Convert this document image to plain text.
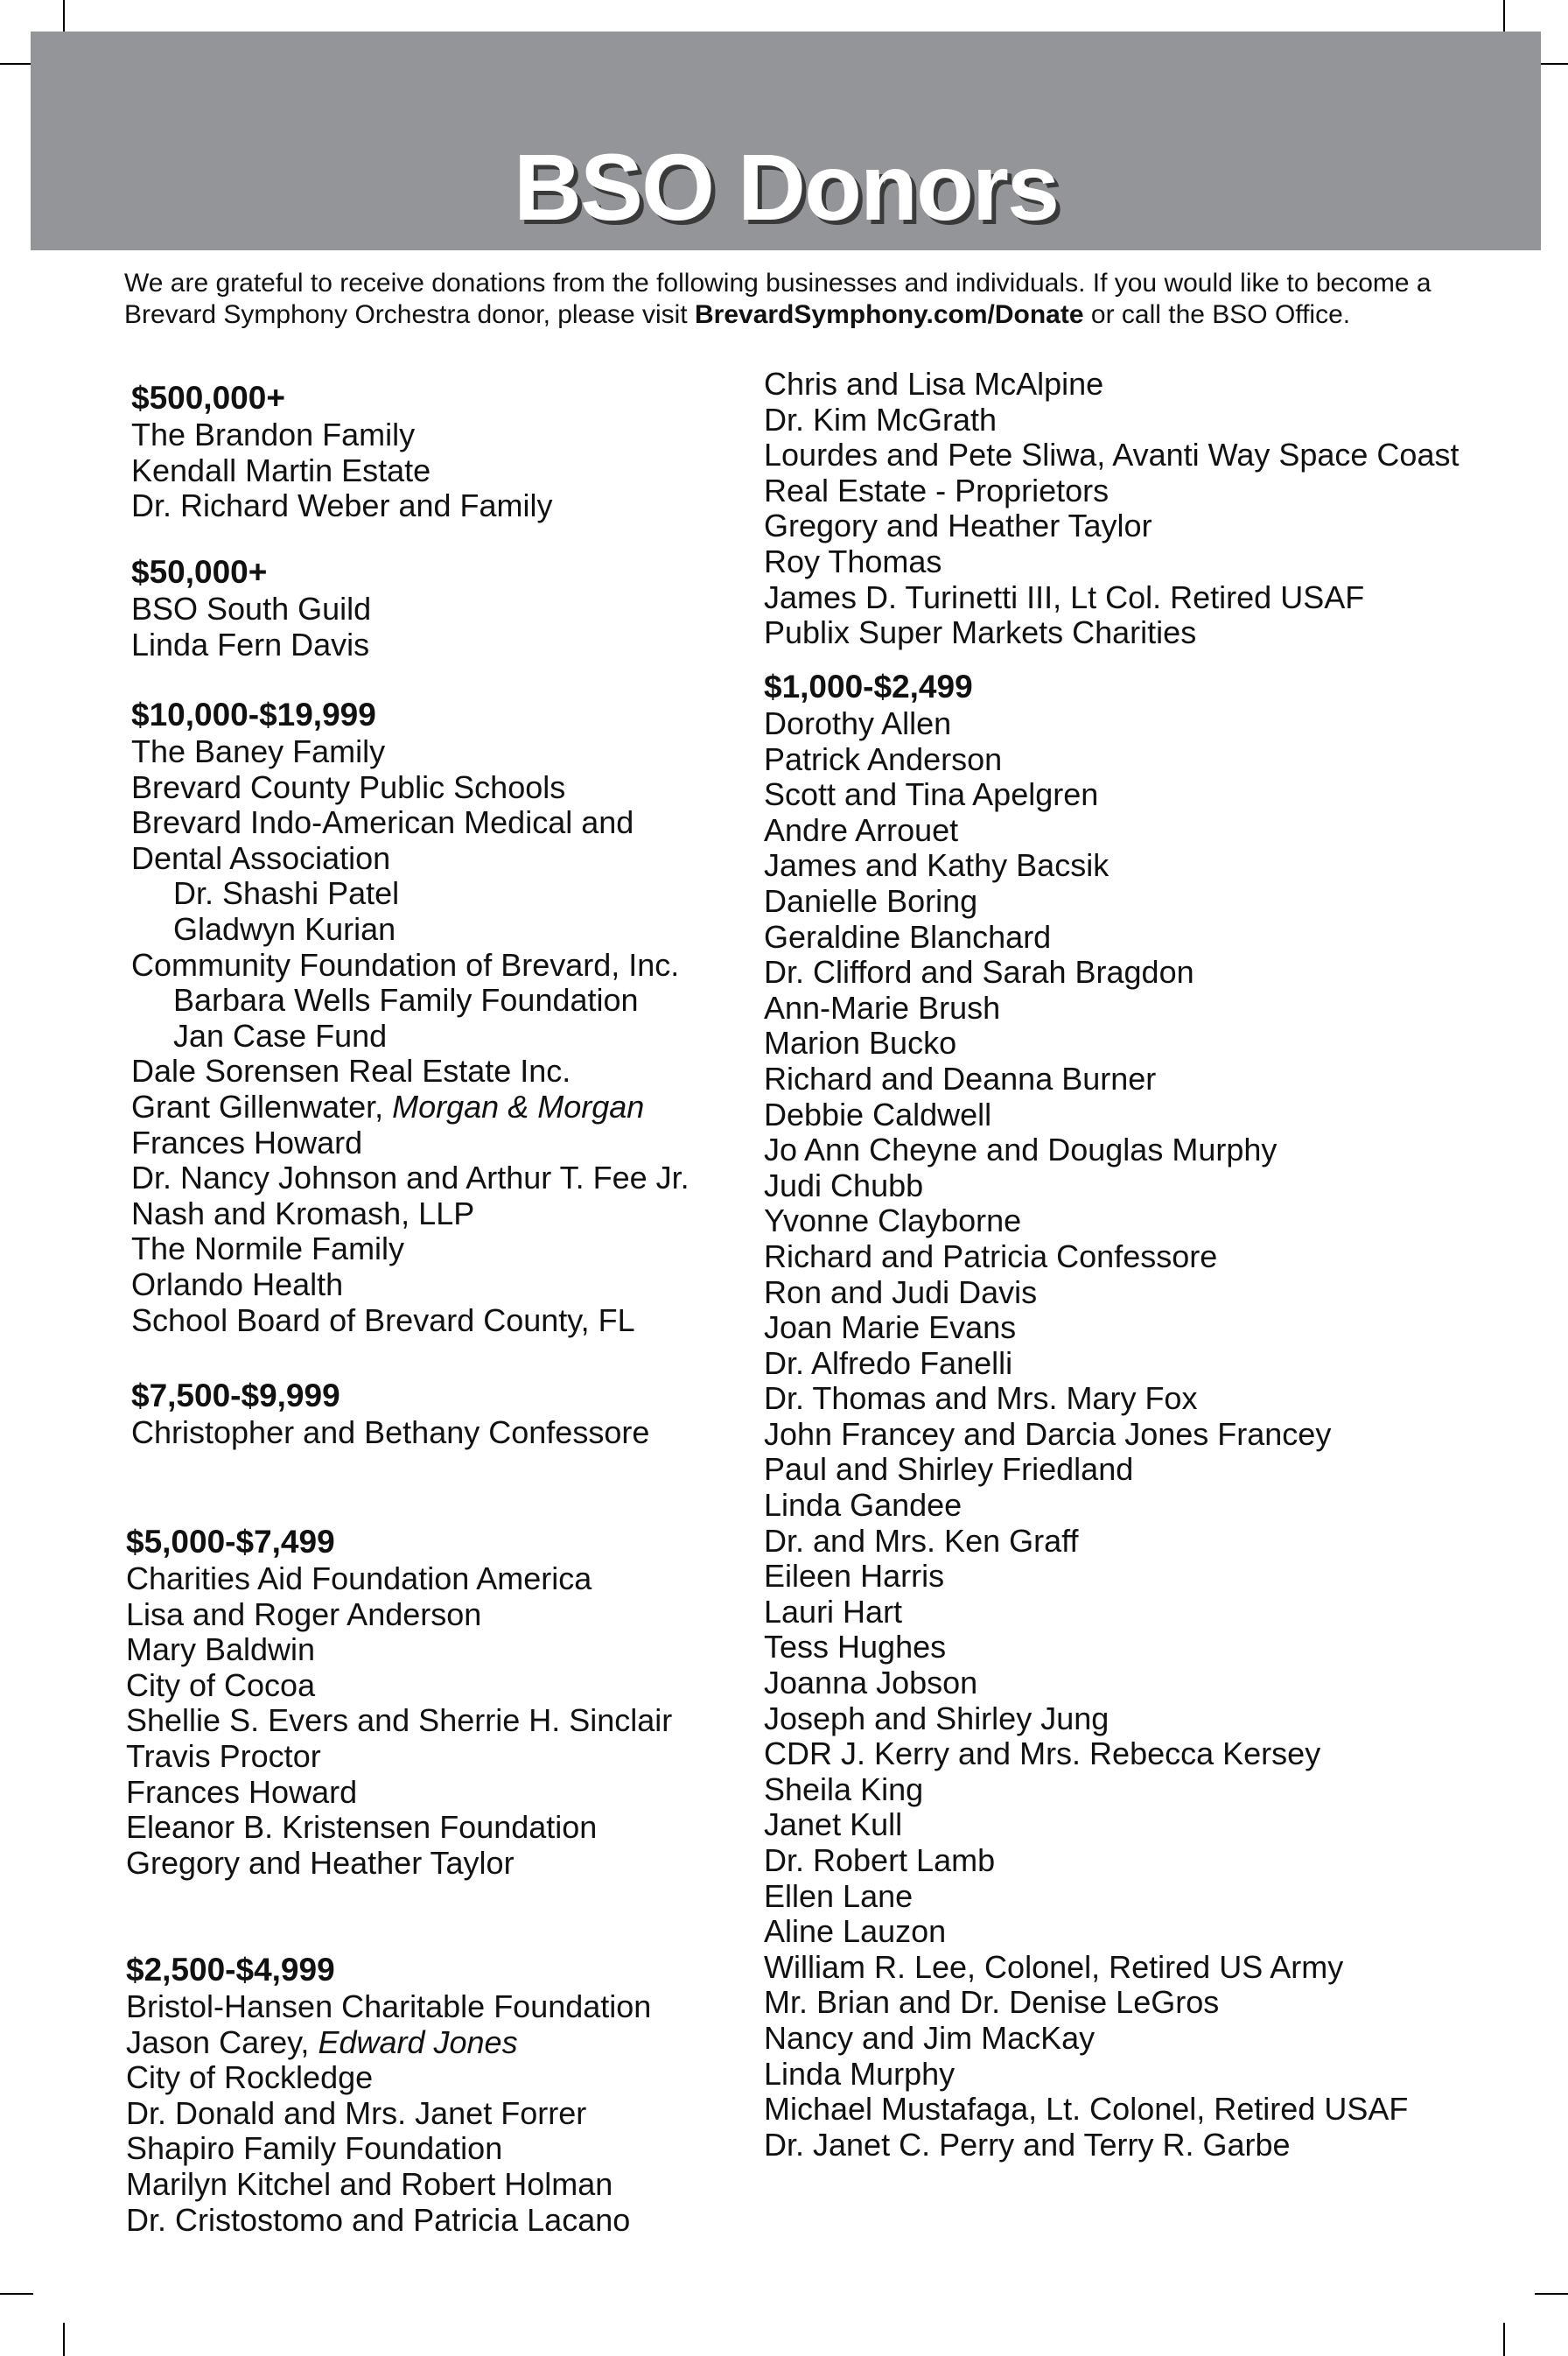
BSO Donors
We are grateful to receive donations from the following businesses and individuals. If you would like to become a Brevard Symphony Orchestra donor, please visit BrevardSymphony.com/Donate or call the BSO Office.
$500,000+
The Brandon Family
Kendall Martin Estate
Dr. Richard Weber and Family
$50,000+
BSO South Guild
Linda Fern Davis
$10,000-$19,999
The Baney Family
Brevard County Public Schools
Brevard Indo-American Medical and
Dental Association
Dr. Shashi Patel
Gladwyn Kurian
Community Foundation of Brevard, Inc.
Barbara Wells Family Foundation
Jan Case Fund
Dale Sorensen Real Estate Inc.
Grant Gillenwater, Morgan & Morgan
Frances Howard
Dr. Nancy Johnson and Arthur T. Fee Jr.
Nash and Kromash, LLP
The Normile Family
Orlando Health
School Board of Brevard County, FL
$7,500-$9,999
Christopher and Bethany Confessore
$5,000-$7,499
Charities Aid Foundation America
Lisa and Roger Anderson
Mary Baldwin
City of Cocoa
Shellie S. Evers and Sherrie H. Sinclair
Travis Proctor
Frances Howard
Eleanor B. Kristensen Foundation
Gregory and Heather Taylor
$2,500-$4,999
Bristol-Hansen Charitable Foundation
Jason Carey, Edward Jones
City of Rockledge
Dr. Donald and Mrs. Janet Forrer
Shapiro Family Foundation
Marilyn Kitchel and Robert Holman
Dr. Cristostomo and Patricia Lacano
Chris and Lisa McAlpine
Dr. Kim McGrath
Lourdes and Pete Sliwa, Avanti Way Space Coast
Real Estate - Proprietors
Gregory and Heather Taylor
Roy Thomas
James D. Turinetti III, Lt Col. Retired USAF
Publix Super Markets Charities
$1,000-$2,499
Dorothy Allen
Patrick Anderson
Scott and Tina Apelgren
Andre Arrouet
James and Kathy Bacsik
Danielle Boring
Geraldine Blanchard
Dr. Clifford and Sarah Bragdon
Ann-Marie Brush
Marion Bucko
Richard and Deanna Burner
Debbie Caldwell
Jo Ann Cheyne and Douglas Murphy
Judi Chubb
Yvonne Clayborne
Richard and Patricia Confessore
Ron and Judi Davis
Joan Marie Evans
Dr. Alfredo Fanelli
Dr. Thomas and Mrs. Mary Fox
John Francey and Darcia Jones Francey
Paul and Shirley Friedland
Linda Gandee
Dr. and Mrs. Ken Graff
Eileen Harris
Lauri Hart
Tess Hughes
Joanna Jobson
Joseph and Shirley Jung
CDR J. Kerry and Mrs. Rebecca Kersey
Sheila King
Janet Kull
Dr. Robert Lamb
Ellen Lane
Aline Lauzon
William R. Lee, Colonel, Retired US Army
Mr. Brian and Dr. Denise LeGros
Nancy and Jim MacKay
Linda Murphy
Michael Mustafaga, Lt. Colonel, Retired USAF
Dr. Janet C. Perry and Terry R. Garbe
